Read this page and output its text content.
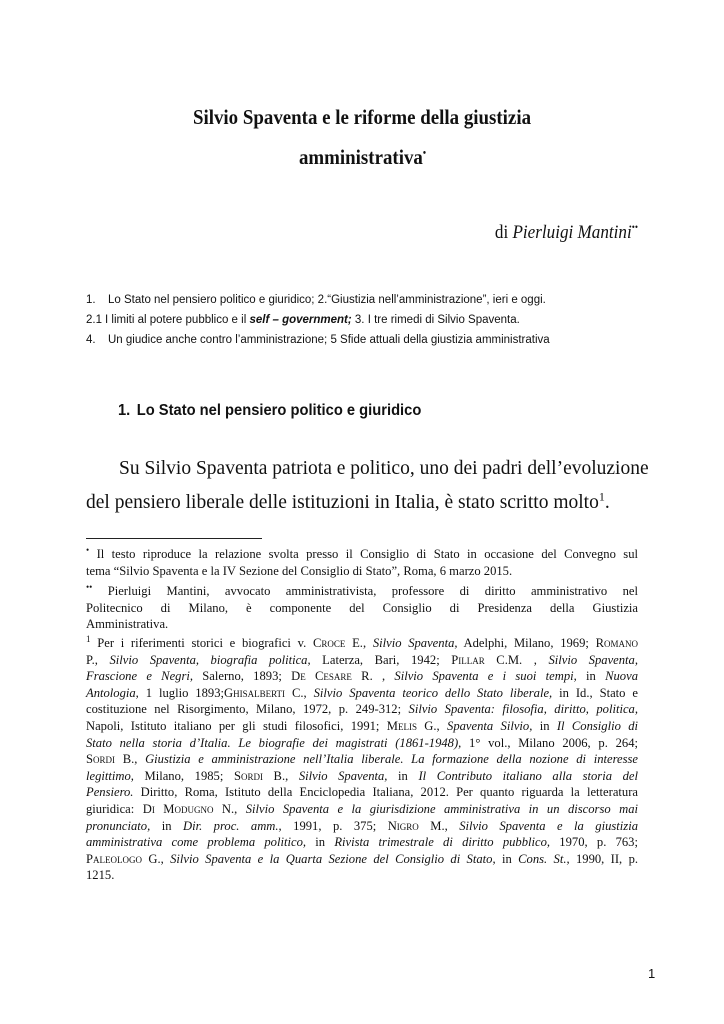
Silvio Spaventa e le riforme della giustizia
amministrativa•
di Pierluigi Mantini••
1. Lo Stato nel pensiero politico e giuridico; 2.“Giustizia nell’amministrazione”, ieri e oggi.
2.1 I limiti al potere pubblico e il self – government; 3. I tre rimedi di Silvio Spaventa.
4. Un giudice anche contro l’amministrazione; 5 Sfide attuali della giustizia amministrativa
1. Lo Stato nel pensiero politico e giuridico
Su Silvio Spaventa patriota e politico, uno dei padri dell’evoluzione
del pensiero liberale delle istituzioni in Italia, è stato scritto molto$^1$.
• Il testo riproduce la relazione svolta presso il Consiglio di Stato in occasione del Convegno sul
tema “Silvio Spaventa e la IV Sezione del Consiglio di Stato”, Roma, 6 marzo 2015.
•• Pierluigi Mantini, avvocato amministrativista, professore di diritto amministrativo nel
Politecnico di Milano, è componente del Consiglio di Presidenza della Giustizia
Amministrativa.
$^1$ Per i riferimenti storici e biografici v. Croce E., Silvio Spaventa, Adelphi, Milano, 1969; Romano
P., Silvio Spaventa, biografia politica, Laterza, Bari, 1942; Pillar C.M. , Silvio Spaventa,
Frascione e Negri, Salerno, 1893; De Cesare R. , Silvio Spaventa e i suoi tempi, in Nuova
Antologia, 1 luglio 1893;Ghisalberti C., Silvio Spaventa teorico dello Stato liberale, in Id., Stato e
costituzione nel Risorgimento, Milano, 1972, p. 249-312; Silvio Spaventa: filosofia, diritto, politica,
Napoli, Istituto italiano per gli studi filosofici, 1991; Melis G., Spaventa Silvio, in Il Consiglio di
Stato nella storia d’Italia. Le biografie dei magistrati (1861-1948), 1° vol., Milano 2006, p. 264;
Sordi B., Giustizia e amministrazione nell’Italia liberale. La formazione della nozione di interesse
legittimo, Milano, 1985; Sordi B., Silvio Spaventa, in Il Contributo italiano alla storia del
Pensiero. Diritto, Roma, Istituto della Enciclopedia Italiana, 2012. Per quanto riguarda la letteratura
giuridica: Di Modugno N., Silvio Spaventa e la giurisdizione amministrativa in un discorso mai
pronunciato, in Dir. proc. amm., 1991, p. 375; Nigro M., Silvio Spaventa e la giustizia
amministrativa come problema politico, in Rivista trimestrale di diritto pubblico, 1970, p. 763;
Paleologo G., Silvio Spaventa e la Quarta Sezione del Consiglio di Stato, in Cons. St., 1990, II, p.
1215.
1
